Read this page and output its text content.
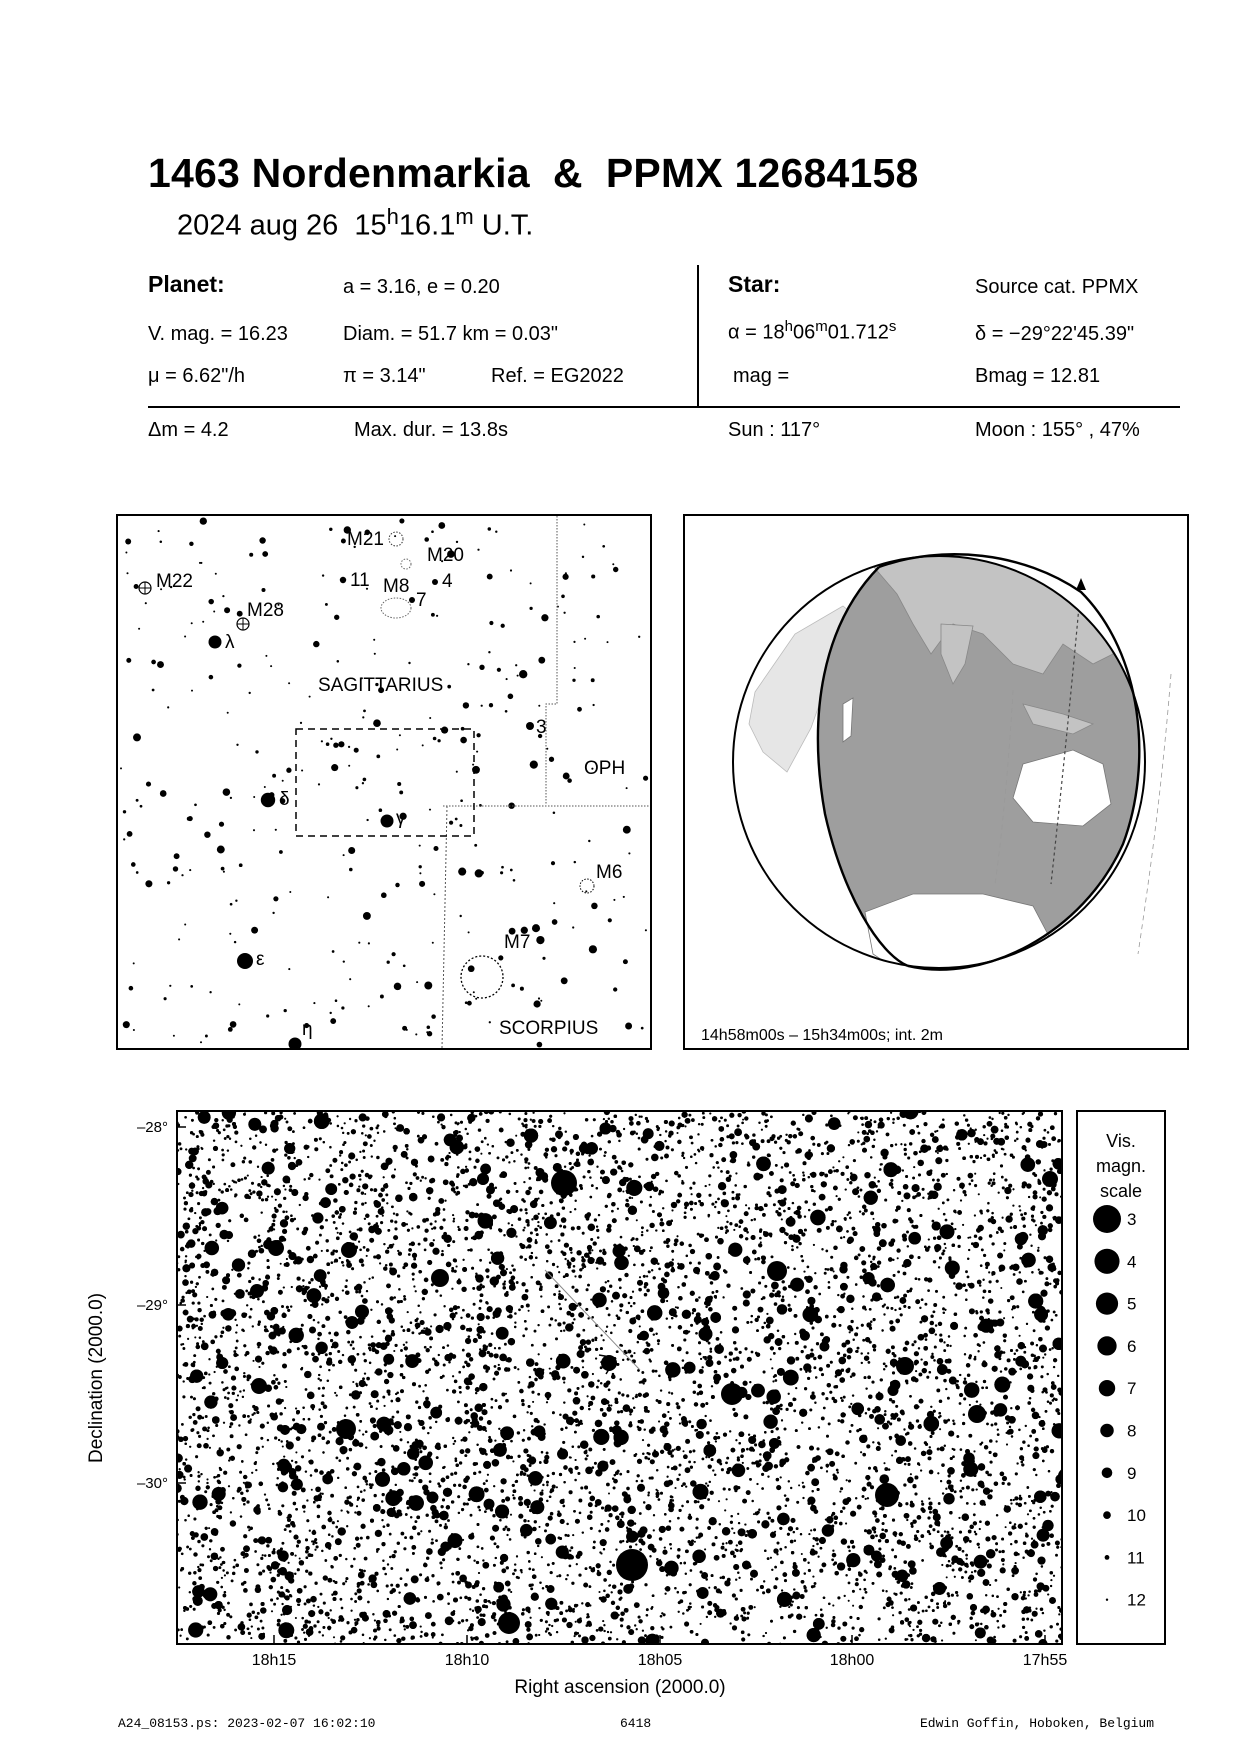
1463 Nordenmarkia  &  PPMX 12684158
2024 aug 26 15$^h$16.1$^m$ U.T.
Planet:	a = 3.16, e = 0.20	Star:	Source cat. PPMX
V. mag. = 16.23	Diam. = 51.7 km = 0.03"	$\alpha = 18^h06^m01.712^s$	δ = −29°22'45.39"
μ = 6.62"/h	π = 3.14"	Ref. = EG2022	mag =	Bmag = 12.81
Δm = 4.2	Max. dur. = 13.8s	Sun : 117°	Moon : 155° , 47%
M21
M20
M22
M28
11 M8
7
4
λ
SAGITTARIUS
3
OPH
δ
γ
M6
M7
ε
SCORPIUS
η	14h58m00s – 15h34m00s; int. 2m
–28°
–29°
–30°
18h15	18h10	18h05	18h00	17h55
Right ascension (2000.0)
Declination (2000.0)
Vis.
magn.
scale
3
4
5
6
7
8
9
10
11
12
A24_08153.ps: 2023-02-07 16:02:10	6418	Edwin Goffin, Hoboken, Belgium
